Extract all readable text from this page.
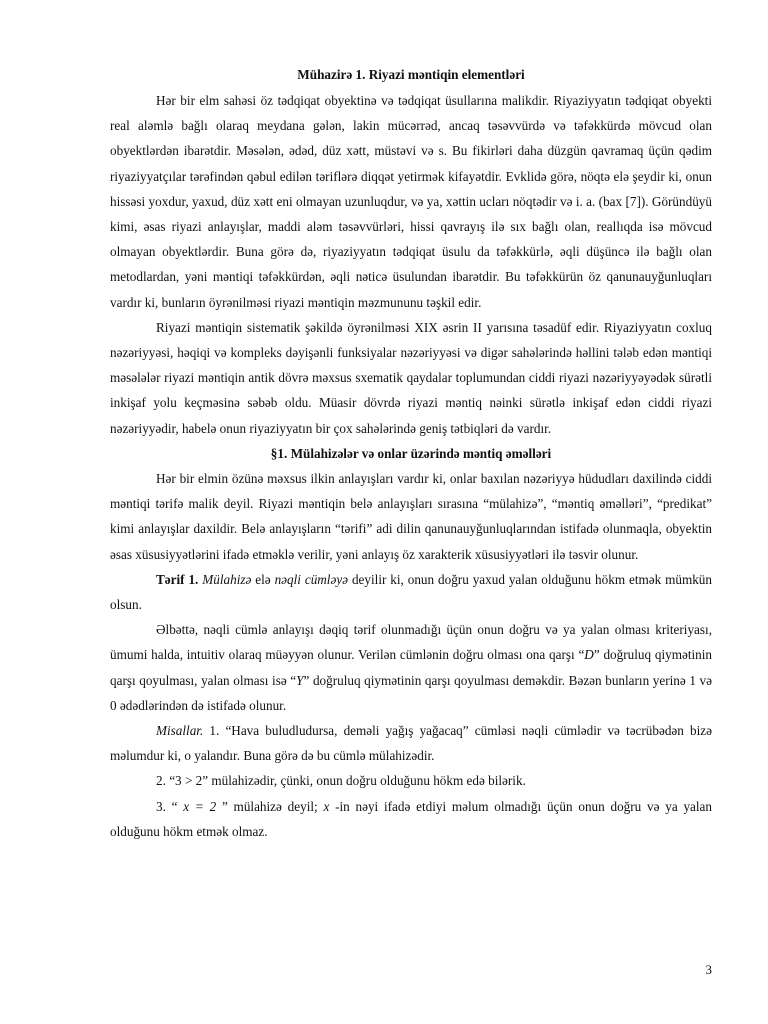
Mühazirə 1. Riyazi məntiqin elementləri

Hər bir elm sahəsi öz tədqiqat obyektinə və tədqiqat üsullarına malikdir. Riyaziyyatın tədqiqat obyekti real aləmlə bağlı olaraq meydana gələn, lakin mücərrəd, ancaq təsəvvürdə və təfəkkürdə mövcud olan obyektlərdən ibarətdir. Məsələn, ədəd, düz xətt, müstəvi və s. Bu fikirləri daha düzgün qavramaq üçün qədim riyaziyyatçılar tərəfindən qəbul edilən təriflərə diqqət yetirmək kifayətdir. Evklidə görə, nöqtə elə şeydir ki, onun hissəsi yoxdur, yaxud, düz xətt eni olmayan uzunluqdur, və ya, xəttin ucları nöqtədir və i. a. (bax [7]). Göründüyü kimi, əsas riyazi anlayışlar, maddi aləm təsəvvürləri, hissi qavrayış ilə sıx bağlı olan, reallıqda isə mövcud olmayan obyektlərdir. Buna görə də, riyaziyyatın tədqiqat üsulu da təfəkkürlə, əqli düşüncə ilə bağlı olan metodlardan, yəni məntiqi təfəkkürdən, əqli nəticə üsulundan ibarətdir. Bu təfəkkürün öz qanunauyğunluqları vardır ki, bunların öyrənilməsi riyazi məntiqin məzmununu təşkil edir.

Riyazi məntiqin sistematik şəkildə öyrənilməsi XIX əsrin II yarısına təsadüf edir. Riyaziyyatın coxluq nəzəriyyəsi, həqiqi və kompleks dəyişənli funksiyalar nəzəriyyəsi və digər sahələrində həllini tələb edən məntiqi məsələlər riyazi məntiqin antik dövrə məxsus sxematik qaydalar toplumundan ciddi riyazi nəzəriyyəyədək sürətli inkişaf yolu keçməsinə səbəb oldu. Müasir dövrdə riyazi məntiq nəinki sürətlə inkişaf edən ciddi riyazi nəzəriyyədir, habelə onun riyaziyyatın bir çox sahələrində geniş tətbiqləri də vardır.

§1. Mülahizələr və onlar üzərində məntiq əməlləri

Hər bir elmin özünə məxsus ilkin anlayışları vardır ki, onlar baxılan nəzəriyyə hüdudları daxilində ciddi məntiqi tərifə malik deyil. Riyazi məntiqin belə anlayışları sırasına “mülahizə”, “məntiq əməlləri”, “predikat” kimi anlayışlar daxildir. Belə anlayışların “tərifi” adi dilin qanunauyğunluqlarından istifadə olunmaqla, obyektin əsas xüsusiyyətlərini ifadə etməklə verilir, yəni anlayış öz xarakterik xüsusiyyətləri ilə təsvir olunur.

Tərif 1. Mülahizə elə nəqli cümləyə deyilir ki, onun doğru yaxud yalan olduğunu hökm etmək mümkün olsun.

Əlbəttə, nəqli cümlə anlayışı dəqiq tərif olunmadığı üçün onun doğru və ya yalan olması kriteriyası, ümumi halda, intuitiv olaraq müəyyən olunur. Verilən cümlənin doğru olması ona qarşı “D” doğruluq qiymətinin qarşı qoyulması, yalan olması isə “Y” doğruluq qiymətinin qarşı qoyulması deməkdir. Bəzən bunların yerinə 1 və 0 ədədlərindən də istifadə olunur.

Misallar. 1. “Hava buludludursa, deməli yağış yağacaq” cümləsi nəqli cümlədir və təcrübədən bizə məlumdur ki, o yalandır. Buna görə də bu cümlə mülahizədir.

2. “3 > 2” mülahizədir, çünki, onun doğru olduğunu hökm edə bilərik.

3. “ x = 2 ” mülahizə deyil; x -in nəyi ifadə etdiyi məlum olmadığı üçün onun doğru və ya yalan olduğunu hökm etmək olmaz.

3
